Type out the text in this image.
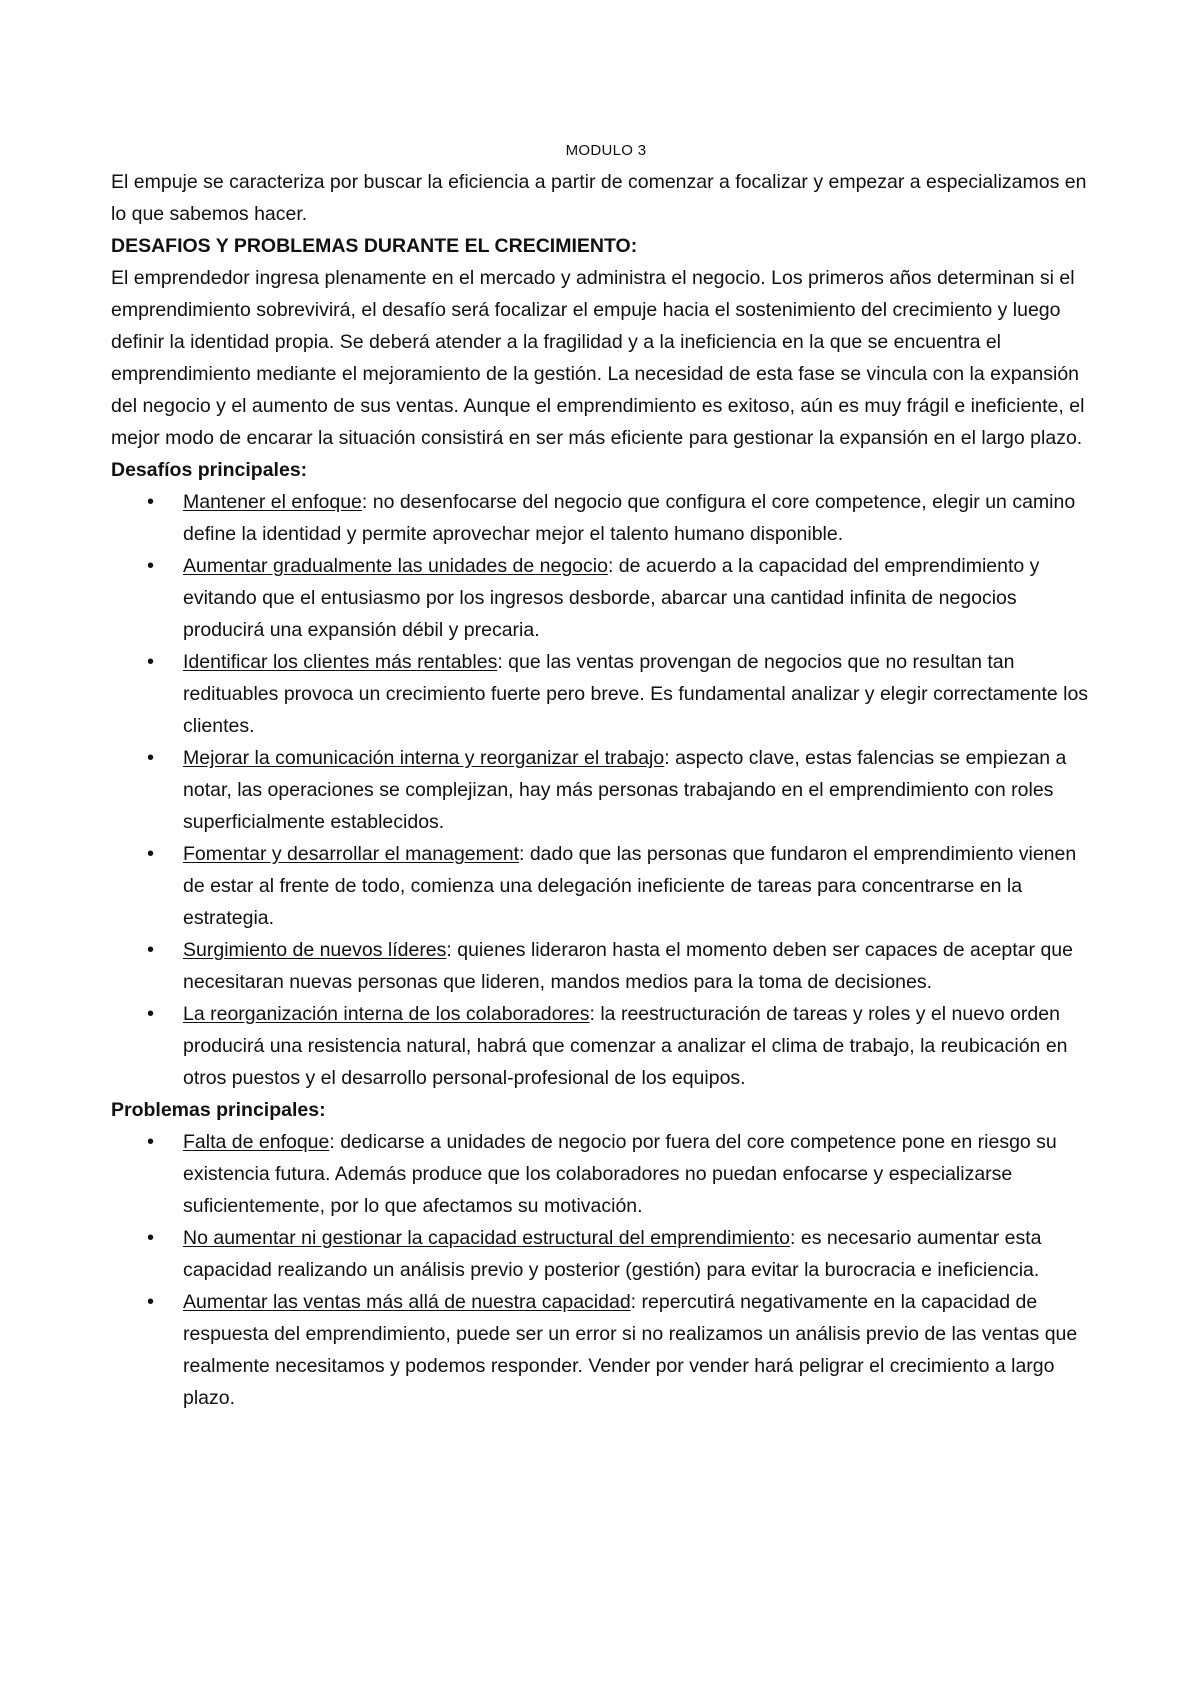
MODULO 3

El empuje se caracteriza por buscar la eficiencia a partir de comenzar a focalizar y empezar a especializamos en lo que sabemos hacer.

DESAFIOS Y PROBLEMAS DURANTE EL CRECIMIENTO:

El emprendedor ingresa plenamente en el mercado y administra el negocio. Los primeros años determinan si el emprendimiento sobrevivirá, el desafío será focalizar el empuje hacia el sostenimiento del crecimiento y luego definir la identidad propia. Se deberá atender a la fragilidad y a la ineficiencia en la que se encuentra el emprendimiento mediante el mejoramiento de la gestión. La necesidad de esta fase se vincula con la expansión del negocio y el aumento de sus ventas. Aunque el emprendimiento es exitoso, aún es muy frágil e ineficiente, el mejor modo de encarar la situación consistirá en ser más eficiente para gestionar la expansión en el largo plazo.

Desafíos principales:

• Mantener el enfoque: no desenfocarse del negocio que configura el core competence, elegir un camino define la identidad y permite aprovechar mejor el talento humano disponible.
• Aumentar gradualmente las unidades de negocio: de acuerdo a la capacidad del emprendimiento y evitando que el entusiasmo por los ingresos desborde, abarcar una cantidad infinita de negocios producirá una expansión débil y precaria.
• Identificar los clientes más rentables: que las ventas provengan de negocios que no resultan tan redituables provoca un crecimiento fuerte pero breve. Es fundamental analizar y elegir correctamente los clientes.
• Mejorar la comunicación interna y reorganizar el trabajo: aspecto clave, estas falencias se empiezan a notar, las operaciones se complejizan, hay más personas trabajando en el emprendimiento con roles superficialmente establecidos.
• Fomentar y desarrollar el management: dado que las personas que fundaron el emprendimiento vienen de estar al frente de todo, comienza una delegación ineficiente de tareas para concentrarse en la estrategia.
• Surgimiento de nuevos líderes: quienes lideraron hasta el momento deben ser capaces de aceptar que necesitaran nuevas personas que lideren, mandos medios para la toma de decisiones.
• La reorganización interna de los colaboradores: la reestructuración de tareas y roles y el nuevo orden producirá una resistencia natural, habrá que comenzar a analizar el clima de trabajo, la reubicación en otros puestos y el desarrollo personal-profesional de los equipos.

Problemas principales:

• Falta de enfoque: dedicarse a unidades de negocio por fuera del core competence pone en riesgo su existencia futura. Además produce que los colaboradores no puedan enfocarse y especializarse suficientemente, por lo que afectamos su motivación.
• No aumentar ni gestionar la capacidad estructural del emprendimiento: es necesario aumentar esta capacidad realizando un análisis previo y posterior (gestión) para evitar la burocracia e ineficiencia.
• Aumentar las ventas más allá de nuestra capacidad: repercutirá negativamente en la capacidad de respuesta del emprendimiento, puede ser un error si no realizamos un análisis previo de las ventas que realmente necesitamos y podemos responder. Vender por vender hará peligrar el crecimiento a largo plazo.
